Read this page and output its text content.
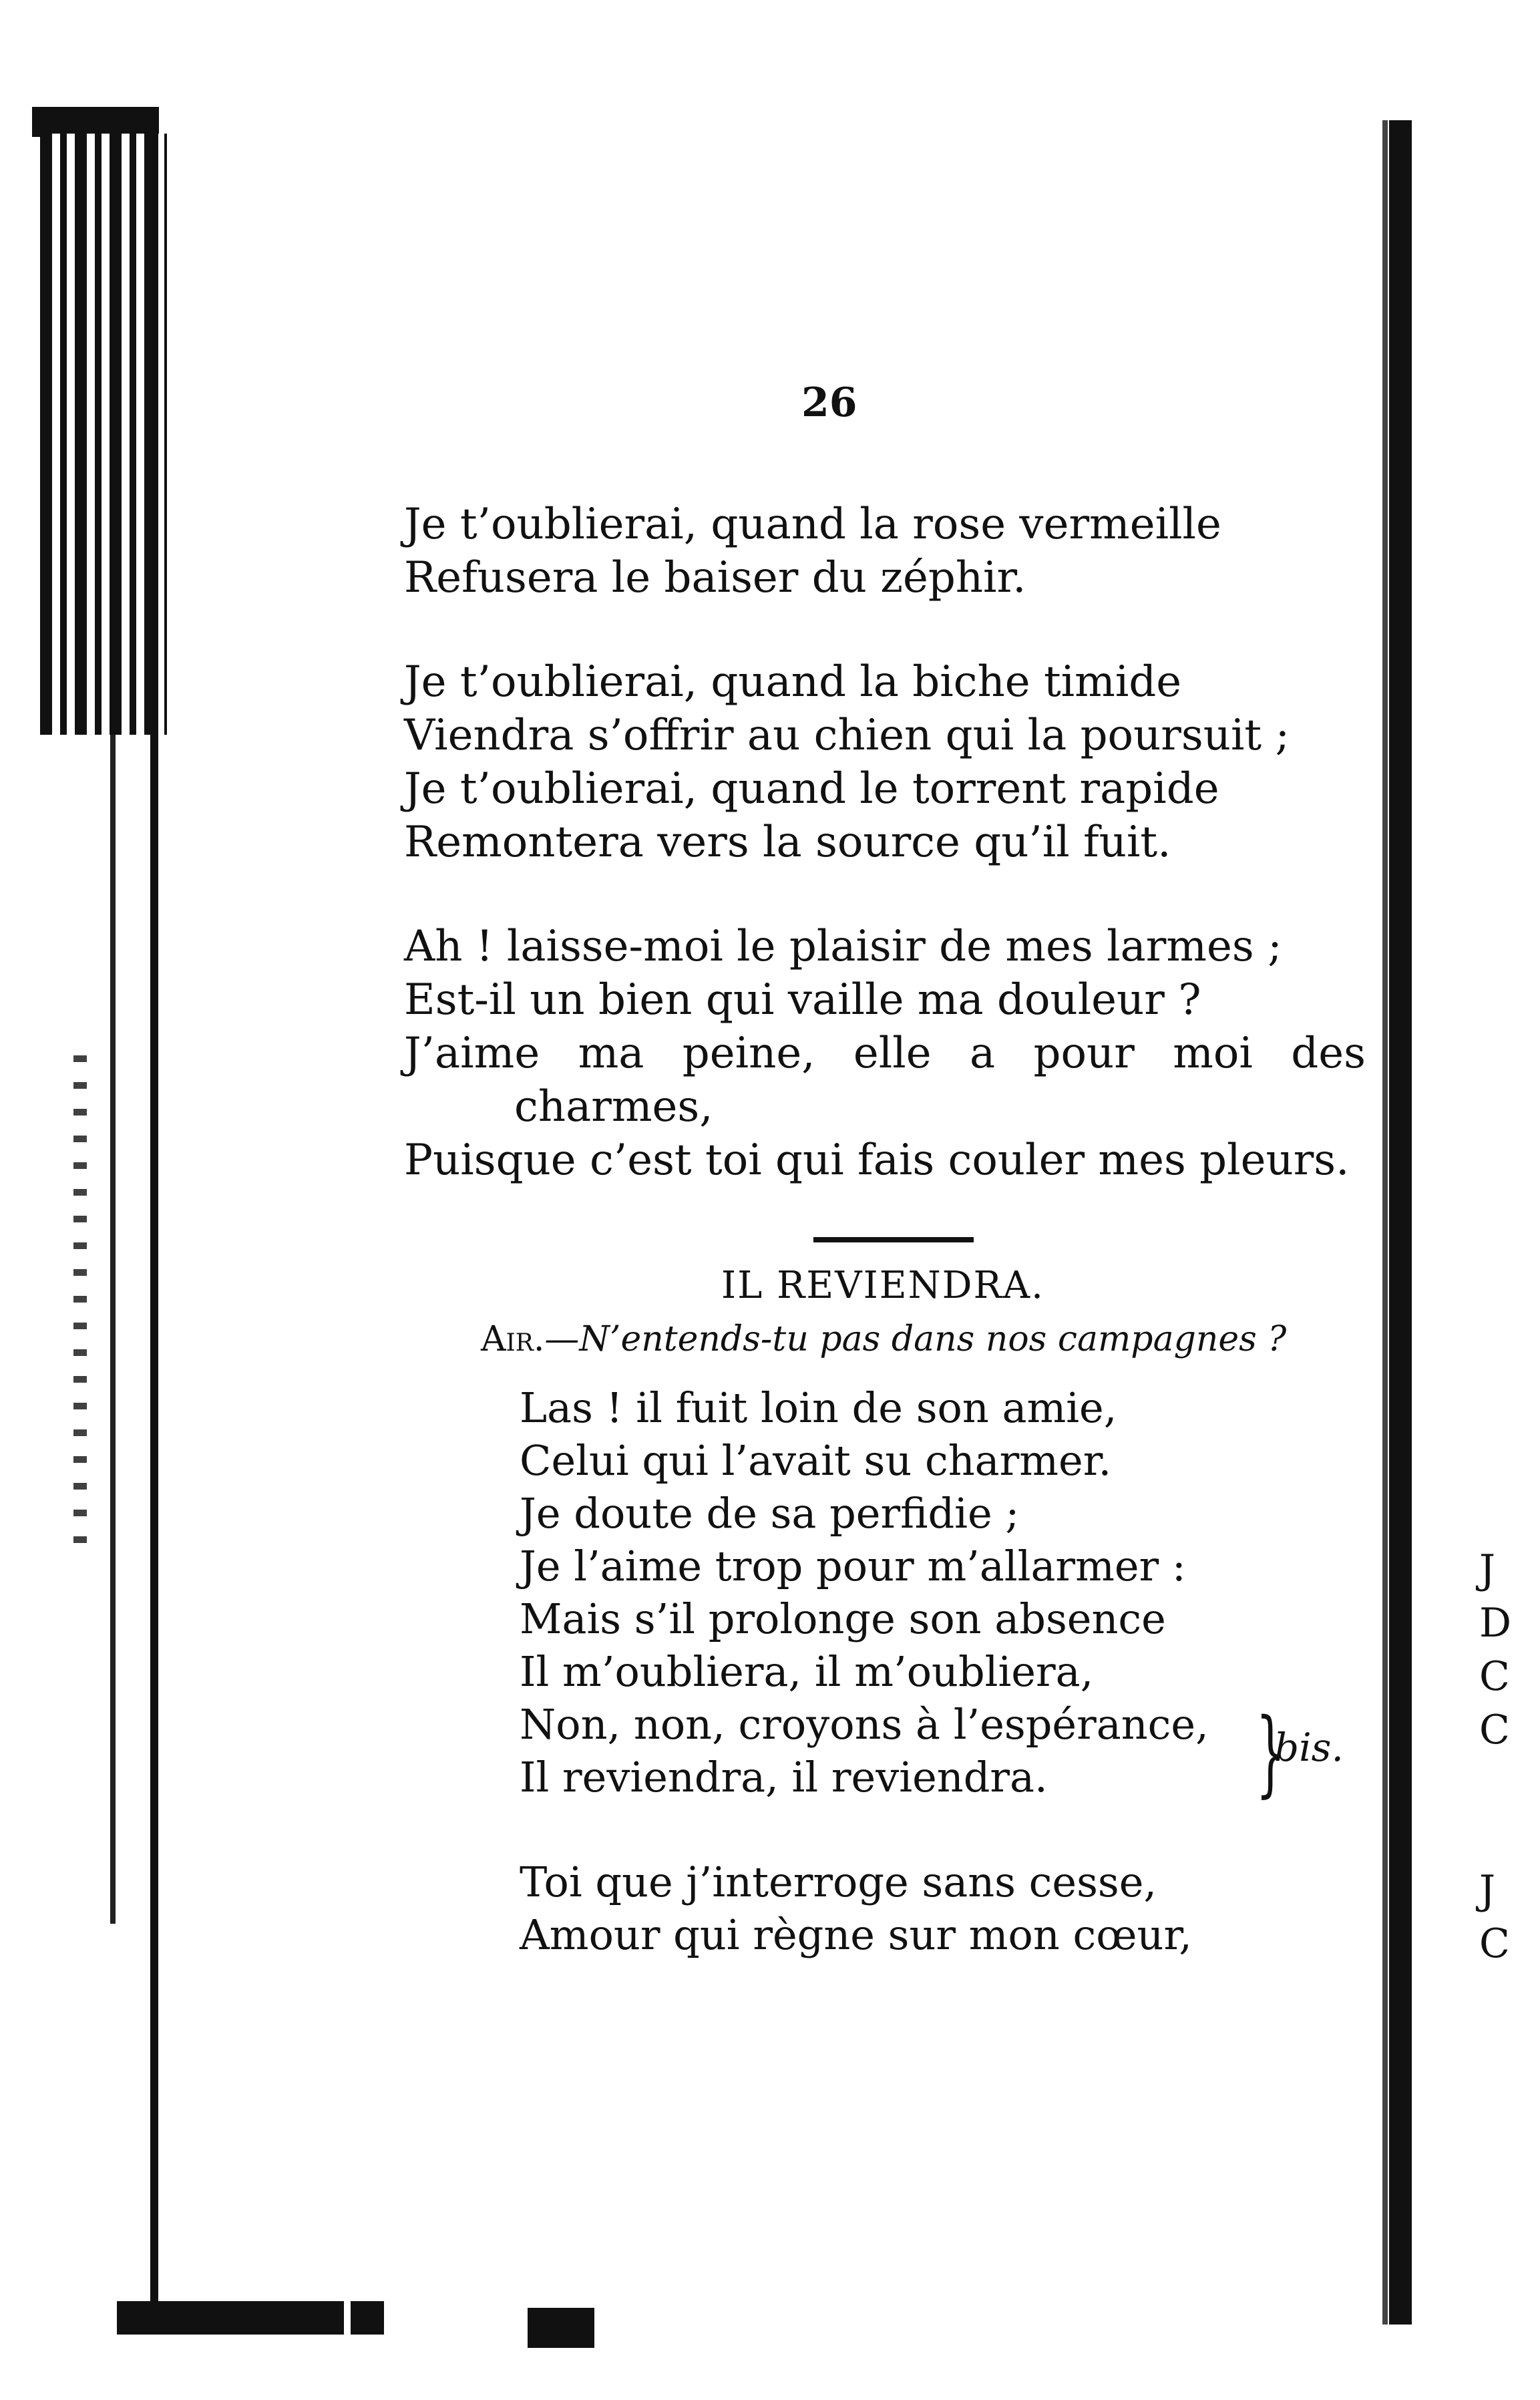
26
Je t’oublierai, quand la rose vermeille
Refusera le baiser du zéphir.
Je t’oublierai, quand la biche timide
Viendra s’offrir au chien qui la poursuit ;
Je t’oublierai, quand le torrent rapide
Remontera vers la source qu’il fuit.
Ah ! laisse-moi le plaisir de mes larmes ;
Est-il un bien qui vaille ma douleur ?
J’aime ma peine, elle a pour moi des
charmes,
Puisque c’est toi qui fais couler mes pleurs.
IL REVIENDRA.
Air.—N’entends-tu pas dans nos campagnes ?
Las ! il fuit loin de son amie,
Celui qui l’avait su charmer.
Je doute de sa perfidie ;
Je l’aime trop pour m’allarmer :
Mais s’il prolonge son absence
Il m’oubliera, il m’oubliera,
Non, non, croyons à l’espérance,
Il reviendra, il reviendra.	}
bis.
Toi que j’interroge sans cesse,
Amour qui règne sur mon cœur,
J
D
C
C
J
C
